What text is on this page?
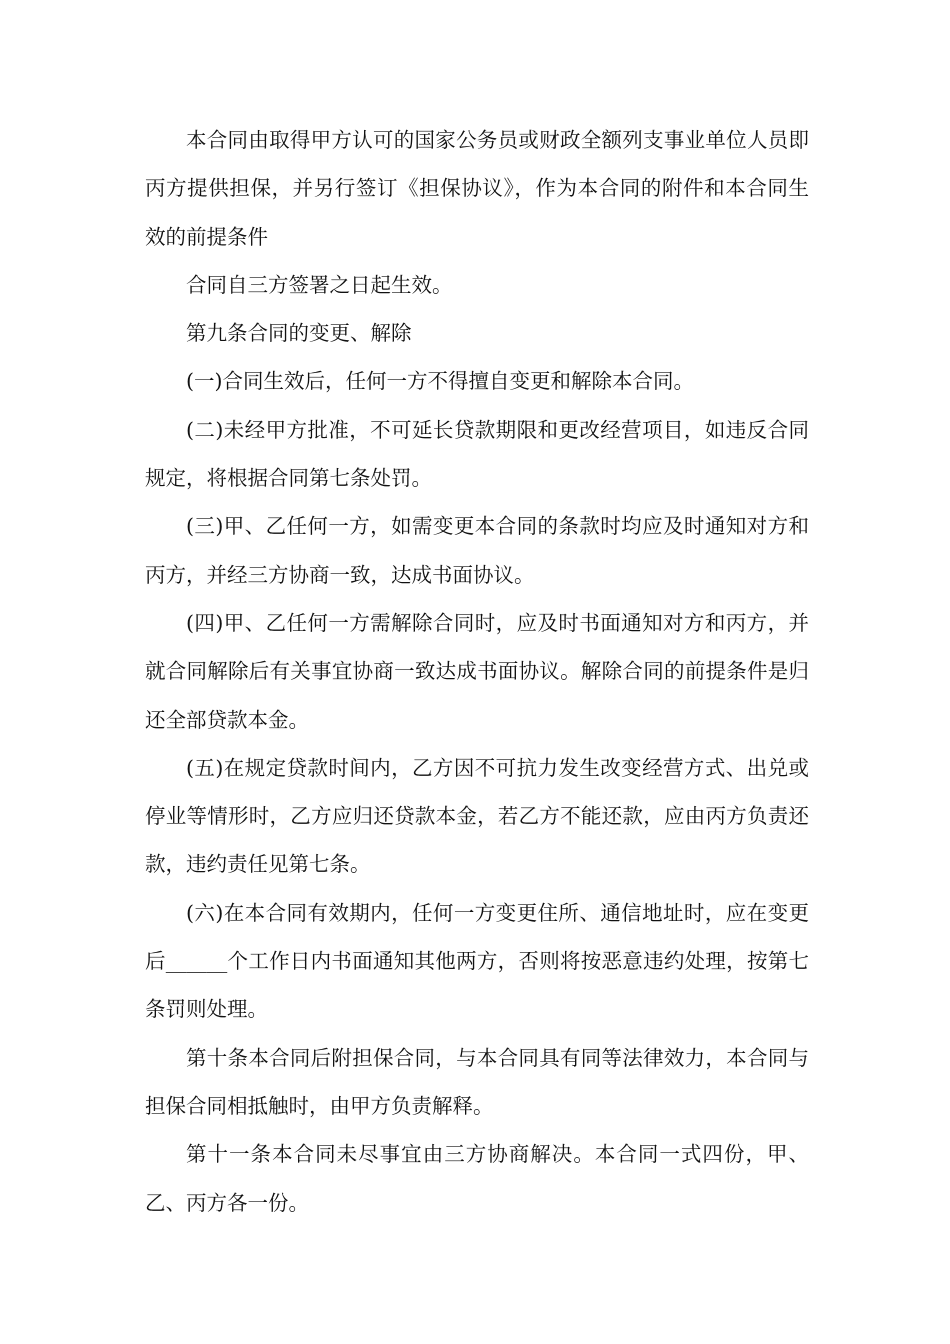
本合同由取得甲方认可的国家公务员或财政全额列支事业单位人员即丙方提供担保，并另行签订《担保协议》，作为本合同的附件和本合同生效的前提条件

合同自三方签署之日起生效。

第九条合同的变更、解除

(一)合同生效后，任何一方不得擅自变更和解除本合同。

(二)未经甲方批准，不可延长贷款期限和更改经营项目，如违反合同规定，将根据合同第七条处罚。

(三)甲、乙任何一方，如需变更本合同的条款时均应及时通知对方和丙方，并经三方协商一致，达成书面协议。

(四)甲、乙任何一方需解除合同时，应及时书面通知对方和丙方，并就合同解除后有关事宜协商一致达成书面协议。解除合同的前提条件是归还全部贷款本金。

(五)在规定贷款时间内，乙方因不可抗力发生改变经营方式、出兑或停业等情形时，乙方应归还贷款本金，若乙方不能还款，应由丙方负责还款，违约责任见第七条。

(六)在本合同有效期内，任何一方变更住所、通信地址时，应在变更后______个工作日内书面通知其他两方，否则将按恶意违约处理，按第七条罚则处理。

第十条本合同后附担保合同，与本合同具有同等法律效力，本合同与担保合同相抵触时，由甲方负责解释。

第十一条本合同未尽事宜由三方协商解决。本合同一式四份，甲、乙、丙方各一份。
